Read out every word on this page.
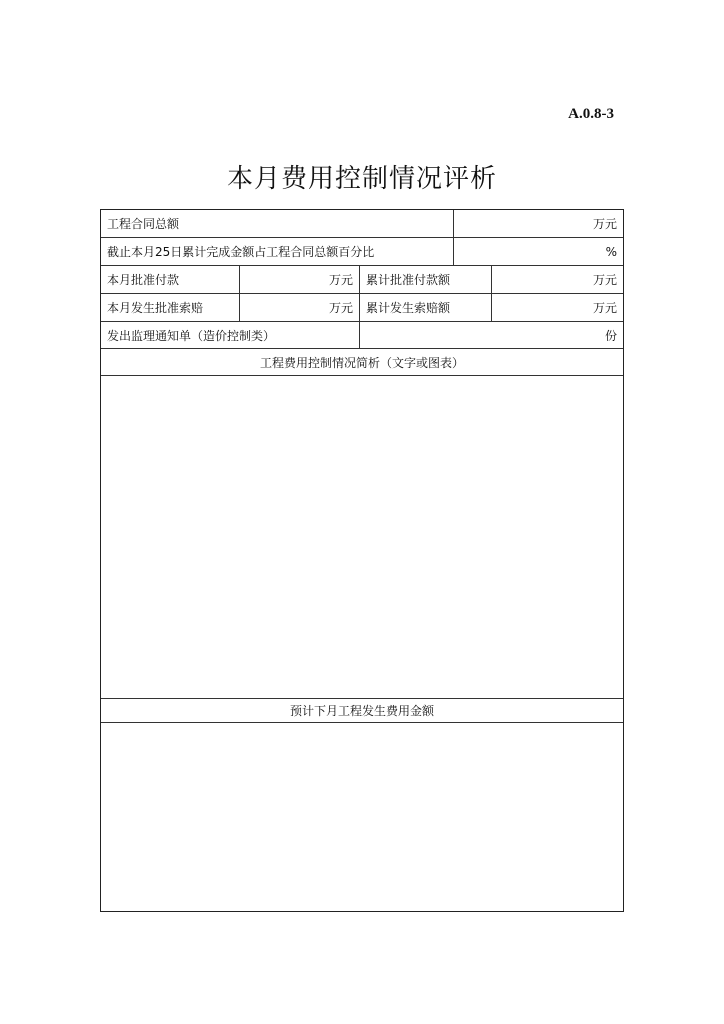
A.0.8-3
本月费用控制情况评析
工程合同总额	万元
截止本月25日累计完成金额占工程合同总额百分比	%
本月批准付款	万元	累计批准付款额	万元
本月发生批准索赔	万元	累计发生索赔额	万元
发出监理通知单（造价控制类）	份
工程费用控制情况简析（文字或图表）
预计下月工程发生费用金额
